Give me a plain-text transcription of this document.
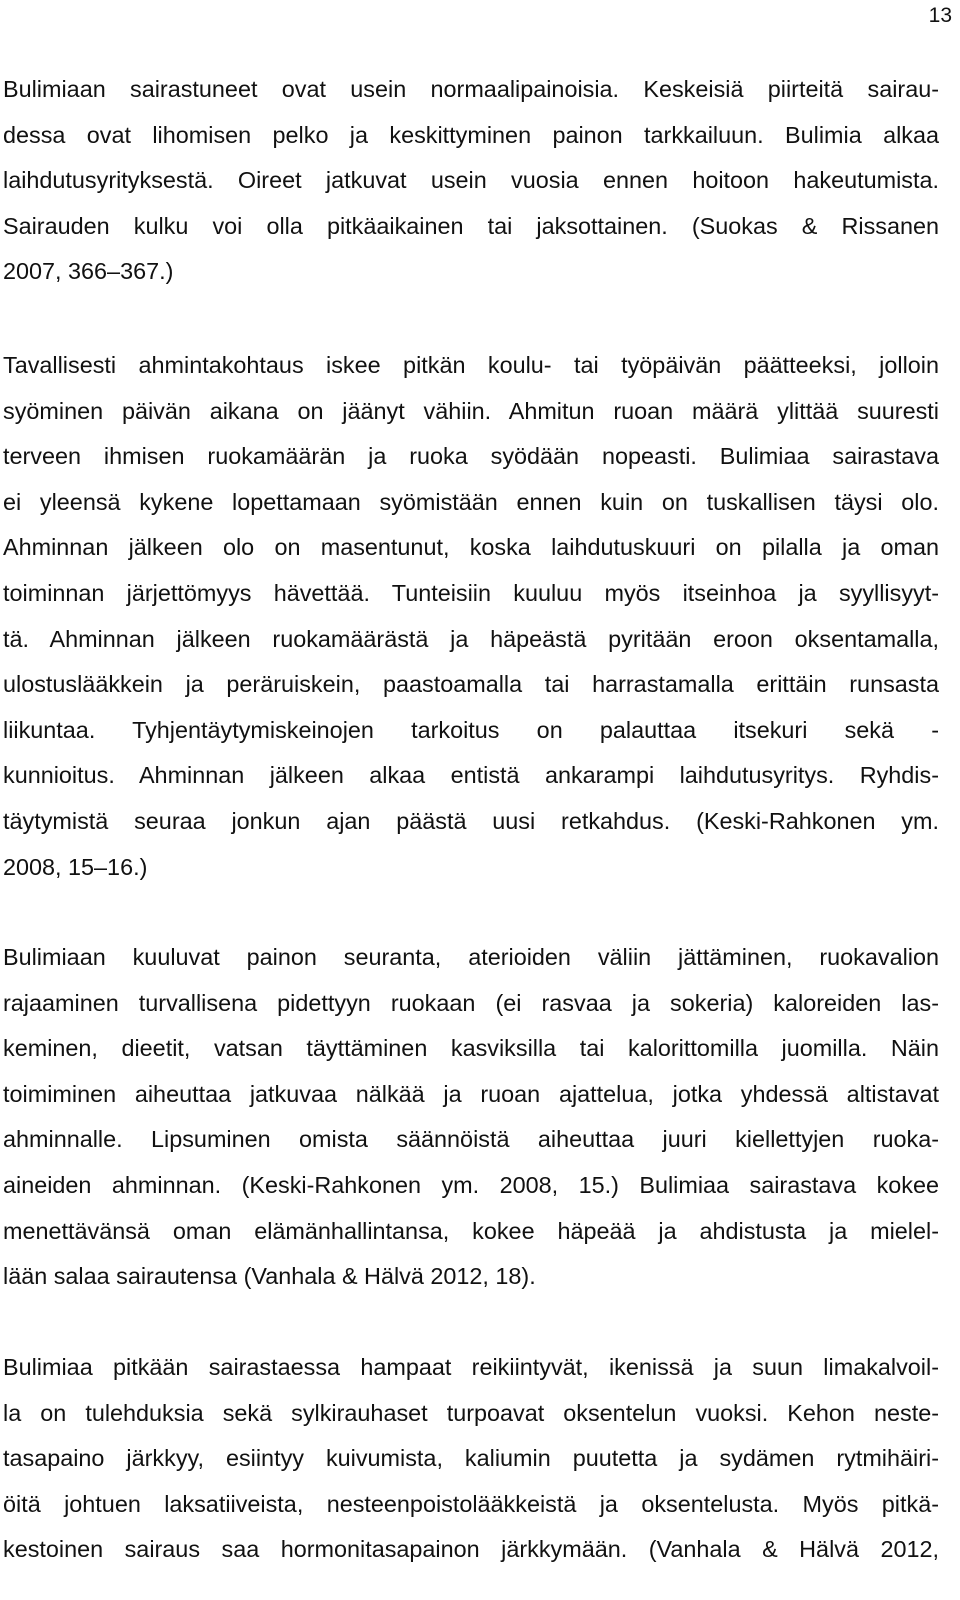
13
Bulimiaan sairastuneet ovat usein normaalipainoisia. Keskeisiä piirteitä sairau-
dessa ovat lihomisen pelko ja keskittyminen painon tarkkailuun. Bulimia alkaa
laihdutusyrityksestä. Oireet jatkuvat usein vuosia ennen hoitoon hakeutumista.
Sairauden kulku voi olla pitkäaikainen tai jaksottainen. (Suokas & Rissanen
2007, 366–367.)
Tavallisesti ahmintakohtaus iskee pitkän koulu- tai työpäivän päätteeksi, jolloin
syöminen päivän aikana on jäänyt vähiin. Ahmitun ruoan määrä ylittää suuresti
terveen ihmisen ruokamäärän ja ruoka syödään nopeasti. Bulimiaa sairastava
ei yleensä kykene lopettamaan syömistään ennen kuin on tuskallisen täysi olo.
Ahminnan jälkeen olo on masentunut, koska laihdutuskuuri on pilalla ja oman
toiminnan järjettömyys hävettää. Tunteisiin kuuluu myös itseinhoa ja syyllisyyt-
tä. Ahminnan jälkeen ruokamäärästä ja häpeästä pyritään eroon oksentamalla,
ulostuslääkkein ja peräruiskein, paastoamalla tai harrastamalla erittäin runsasta
liikuntaa. Tyhjentäytymiskeinojen tarkoitus on palauttaa itsekuri sekä -
kunnioitus. Ahminnan jälkeen alkaa entistä ankarampi laihdutusyritys. Ryhdis-
täytymistä seuraa jonkun ajan päästä uusi retkahdus. (Keski-Rahkonen ym.
2008, 15–16.)
Bulimiaan kuuluvat painon seuranta, aterioiden väliin jättäminen, ruokavalion
rajaaminen turvallisena pidettyyn ruokaan (ei rasvaa ja sokeria) kaloreiden las-
keminen, dieetit, vatsan täyttäminen kasviksilla tai kalorittomilla juomilla. Näin
toimiminen aiheuttaa jatkuvaa nälkää ja ruoan ajattelua, jotka yhdessä altistavat
ahminnalle. Lipsuminen omista säännöistä aiheuttaa juuri kiellettyjen ruoka-
aineiden ahminnan. (Keski-Rahkonen ym. 2008, 15.) Bulimiaa sairastava kokee
menettävänsä oman elämänhallintansa, kokee häpeää ja ahdistusta ja mielel-
lään salaa sairautensa (Vanhala & Hälvä 2012, 18).
Bulimiaa pitkään sairastaessa hampaat reikiintyvät, ikenissä ja suun limakalvoil-
la on tulehduksia sekä sylkirauhaset turpoavat oksentelun vuoksi. Kehon neste-
tasapaino järkkyy, esiintyy kuivumista, kaliumin puutetta ja sydämen rytmihäiri-
öitä johtuen laksatiiveista, nesteenpoistolääkkeistä ja oksentelusta. Myös pitkä-
kestoinen sairaus saa hormonitasapainon järkkymään. (Vanhala & Hälvä 2012,
